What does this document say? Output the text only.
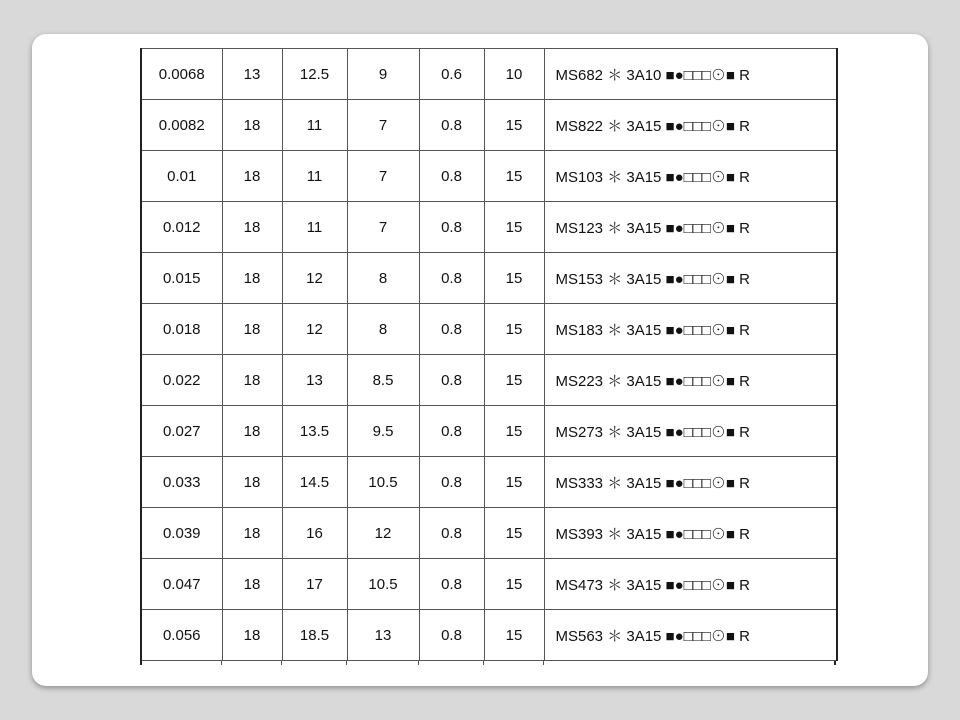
0.0068	13	12.5	9	0.6	10	MS682 ＊ 3A10 ■●□□□⊙■ R
0.0082	18	11	7	0.8	15	MS822 ＊ 3A15 ■●□□□⊙■ R
0.01	18	11	7	0.8	15	MS103 ＊ 3A15 ■●□□□⊙■ R
0.012	18	11	7	0.8	15	MS123 ＊ 3A15 ■●□□□⊙■ R
0.015	18	12	8	0.8	15	MS153 ＊ 3A15 ■●□□□⊙■ R
0.018	18	12	8	0.8	15	MS183 ＊ 3A15 ■●□□□⊙■ R
0.022	18	13	8.5	0.8	15	MS223 ＊ 3A15 ■●□□□⊙■ R
0.027	18	13.5	9.5	0.8	15	MS273 ＊ 3A15 ■●□□□⊙■ R
0.033	18	14.5	10.5	0.8	15	MS333 ＊ 3A15 ■●□□□⊙■ R
0.039	18	16	12	0.8	15	MS393 ＊ 3A15 ■●□□□⊙■ R
0.047	18	17	10.5	0.8	15	MS473 ＊ 3A15 ■●□□□⊙■ R
0.056	18	18.5	13	0.8	15	MS563 ＊ 3A15 ■●□□□⊙■ R
